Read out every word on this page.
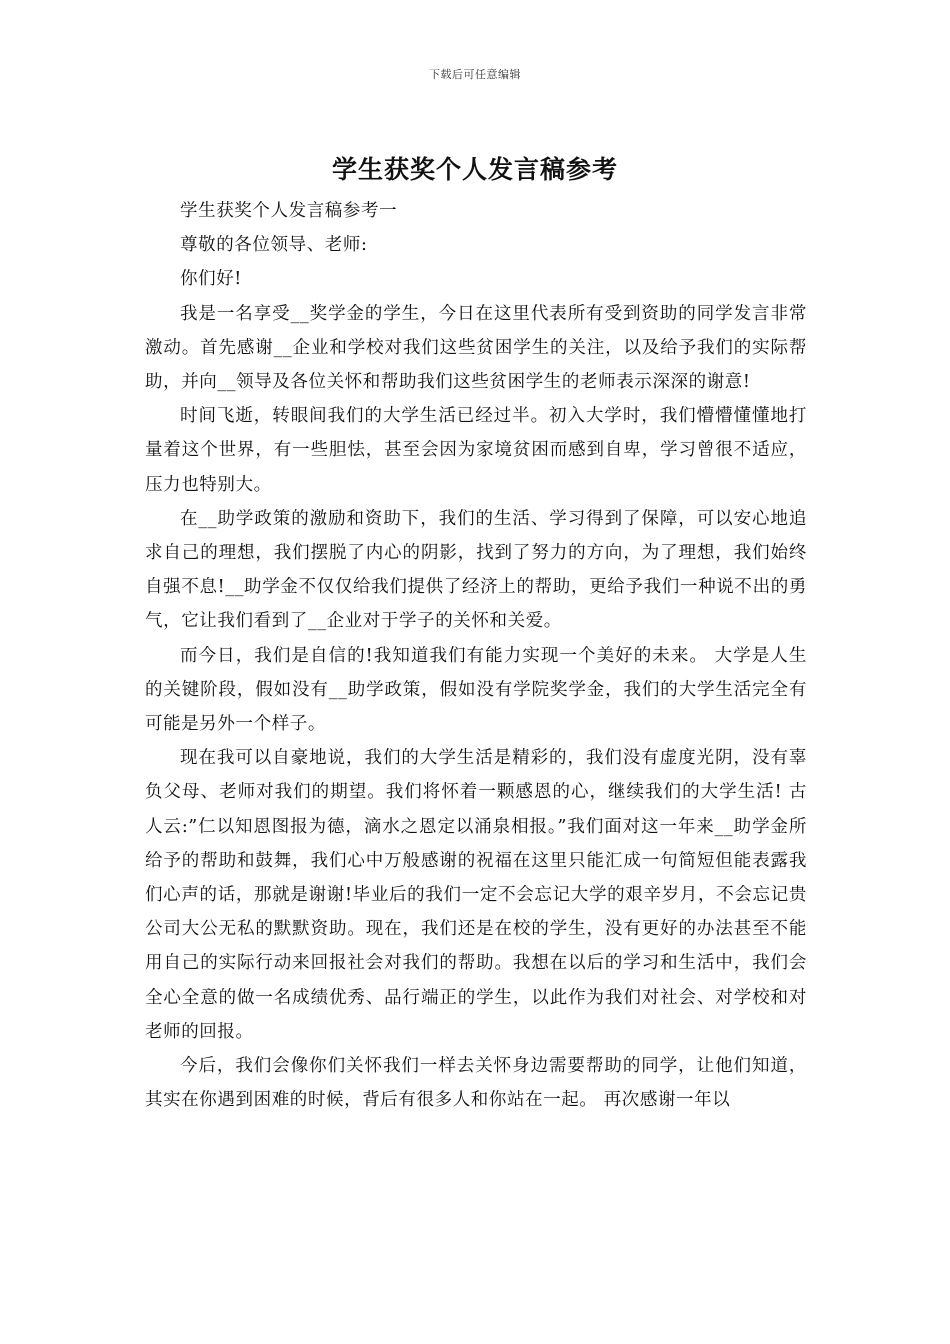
下载后可任意编辑
学生获奖个人发言稿参考

学生获奖个人发言稿参考一

尊敬的各位领导、老师:

你们好!

我是一名享受__奖学金的学生，今日在这里代表所有受到资助的同学发言非常激动。首先感谢__企业和学校对我们这些贫困学生的关注，以及给予我们的实际帮助，并向__领导及各位关怀和帮助我们这些贫困学生的老师表示深深的谢意!

时间飞逝，转眼间我们的大学生活已经过半。初入大学时，我们懵懵懂懂地打量着这个世界，有一些胆怯，甚至会因为家境贫困而感到自卑，学习曾很不适应，压力也特别大。

在__助学政策的激励和资助下，我们的生活、学习得到了保障，可以安心地追求自己的理想，我们摆脱了内心的阴影，找到了努力的方向，为了理想，我们始终自强不息!__助学金不仅仅给我们提供了经济上的帮助，更给予我们一种说不出的勇气，它让我们看到了__企业对于学子的关怀和关爱。

而今日，我们是自信的!我知道我们有能力实现一个美好的未来。 大学是人生的关键阶段，假如没有__助学政策，假如没有学院奖学金，我们的大学生活完全有可能是另外一个样子。

现在我可以自豪地说，我们的大学生活是精彩的，我们没有虚度光阴，没有辜负父母、老师对我们的期望。我们将怀着一颗感恩的心，继续我们的大学生活! 古人云:”仁以知恩图报为德，滴水之恩定以涌泉相报。”我们面对这一年来__助学金所给予的帮助和鼓舞，我们心中万般感谢的祝福在这里只能汇成一句简短但能表露我们心声的话，那就是谢谢!毕业后的我们一定不会忘记大学的艰辛岁月，不会忘记贵公司大公无私的默默资助。现在，我们还是在校的学生，没有更好的办法甚至不能用自己的实际行动来回报社会对我们的帮助。我想在以后的学习和生活中，我们会全心全意的做一名成绩优秀、品行端正的学生，以此作为我们对社会、对学校和对老师的回报。

今后，我们会像你们关怀我们一样去关怀身边需要帮助的同学，让他们知道，其实在你遇到困难的时候，背后有很多人和你站在一起。 再次感谢一年以
